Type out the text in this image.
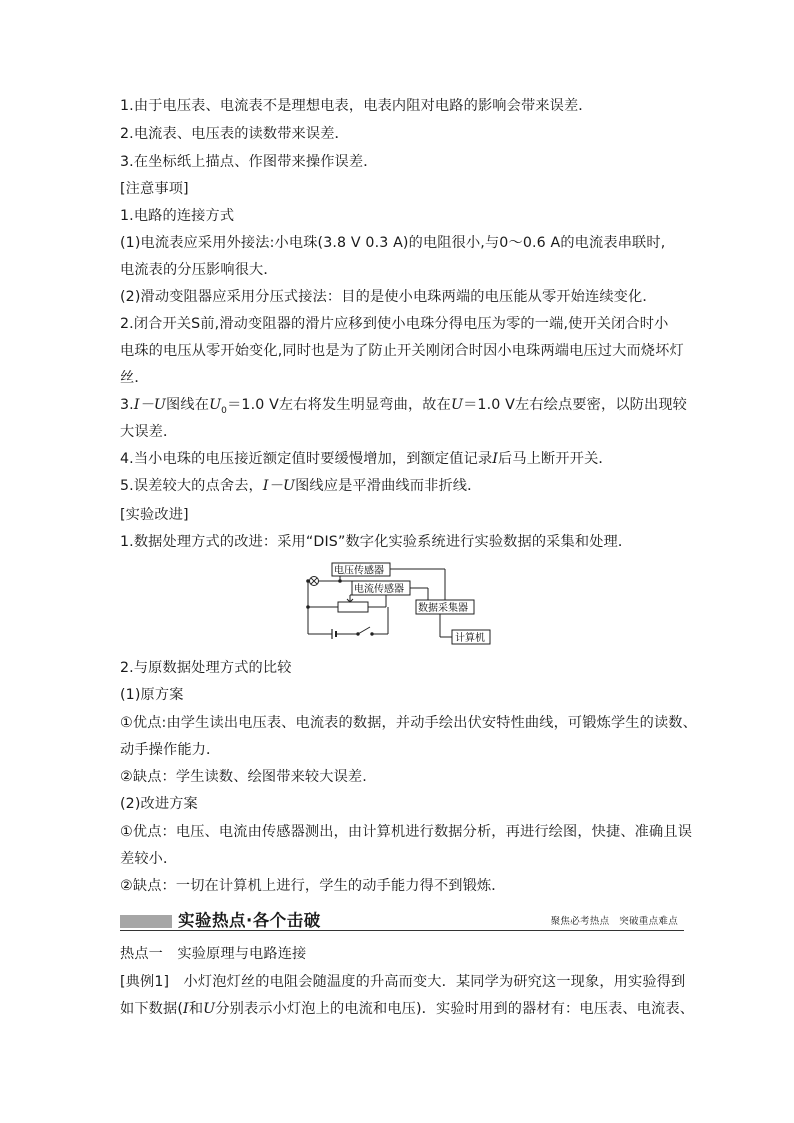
1.由于电压表、电流表不是理想电表，电表内阻对电路的影响会带来误差．
2.电流表、电压表的读数带来误差．
3.在坐标纸上描点、作图带来操作误差．
[注意事项]
1.电路的连接方式
(1)电流表应采用外接法:小电珠(3.8 V 0.3 A)的电阻很小,与0～0.6 A的电流表串联时,
电流表的分压影响很大．
(2)滑动变阻器应采用分压式接法：目的是使小电珠两端的电压能从零开始连续变化．
2.闭合开关S前,滑动变阻器的滑片应移到使小电珠分得电压为零的一端,使开关闭合时小
电珠的电压从零开始变化,同时也是为了防止开关刚闭合时因小电珠两端电压过大而烧坏灯
丝．
3.I－U图线在$U_0=1.0$ V左右将发生明显弯曲，故在U＝1.0 V左右绘点要密，以防出现较
大误差．
4.当小电珠的电压接近额定值时要缓慢增加，到额定值记录I后马上断开开关．
5.误差较大的点舍去，I－U图线应是平滑曲线而非折线．
[实验改进]
1.数据处理方式的改进：采用“DIS”数字化实验系统进行实验数据的采集和处理．
电压传感器
电流传感器
数据采集器
计算机
2.与原数据处理方式的比较
(1)原方案
①优点:由学生读出电压表、电流表的数据，并动手绘出伏安特性曲线，可锻炼学生的读数、
动手操作能力．
②缺点：学生读数、绘图带来较大误差.
(2)改进方案
①优点：电压、电流由传感器测出，由计算机进行数据分析，再进行绘图，快捷、准确且误
差较小．
②缺点：一切在计算机上进行，学生的动手能力得不到锻炼．
实验热点·各个击破	聚焦必考热点　突破重点难点
热点一　实验原理与电路连接
[典例1]　小灯泡灯丝的电阻会随温度的升高而变大．某同学为研究这一现象，用实验得到
如下数据(I和U分别表示小灯泡上的电流和电压)．实验时用到的器材有：电压表、电流表、
